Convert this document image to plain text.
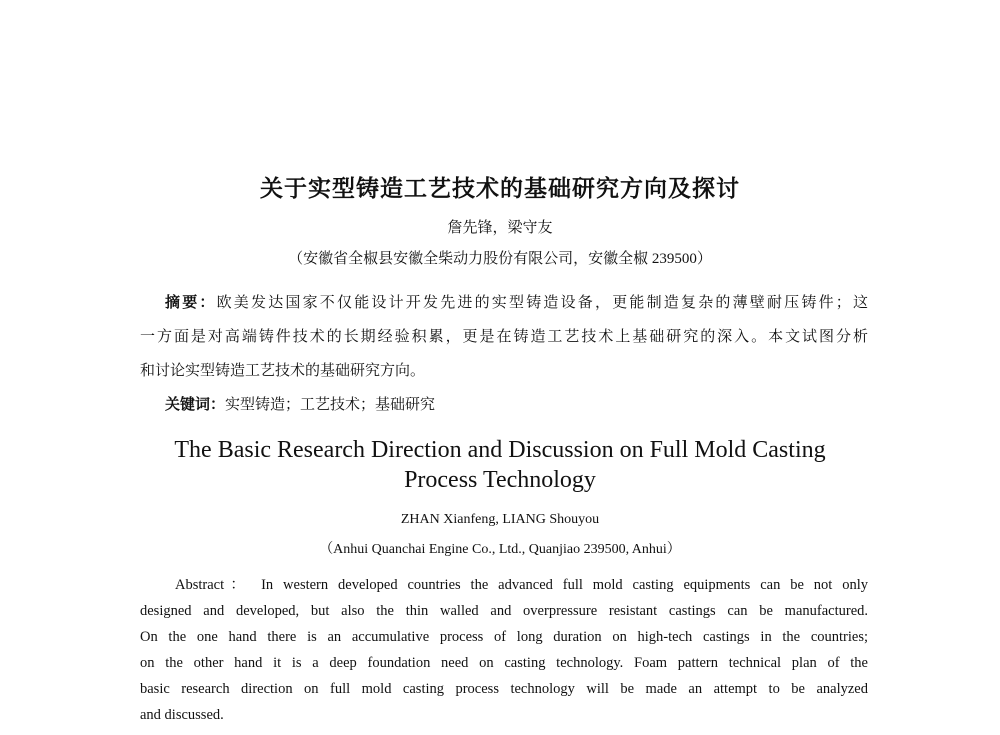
关于实型铸造工艺技术的基础研究方向及探讨
詹先锋，梁守友
（安徽省全椒县安徽全柴动力股份有限公司，安徽全椒 239500）
摘要：欧美发达国家不仅能设计开发先进的实型铸造设备，更能制造复杂的薄壁耐压铸件；这
一方面是对高端铸件技术的长期经验积累，更是在铸造工艺技术上基础研究的深入。本文试图分析
和讨论实型铸造工艺技术的基础研究方向。
关键词：实型铸造；工艺技术；基础研究
The Basic Research Direction and Discussion on Full Mold Casting
Process Technology
ZHAN Xianfeng, LIANG Shouyou
（Anhui Quanchai Engine Co., Ltd., Quanjiao 239500, Anhui）
Abstract： In western developed countries the advanced full mold casting equipments can be not only
designed and developed, but also the thin walled and overpressure resistant castings can be manufactured.
On the one hand there is an accumulative process of long duration on high-tech castings in the countries;
on the other hand it is a deep foundation need on casting technology. Foam pattern technical plan of the
basic research direction on full mold casting process technology will be made an attempt to be analyzed
and discussed.
